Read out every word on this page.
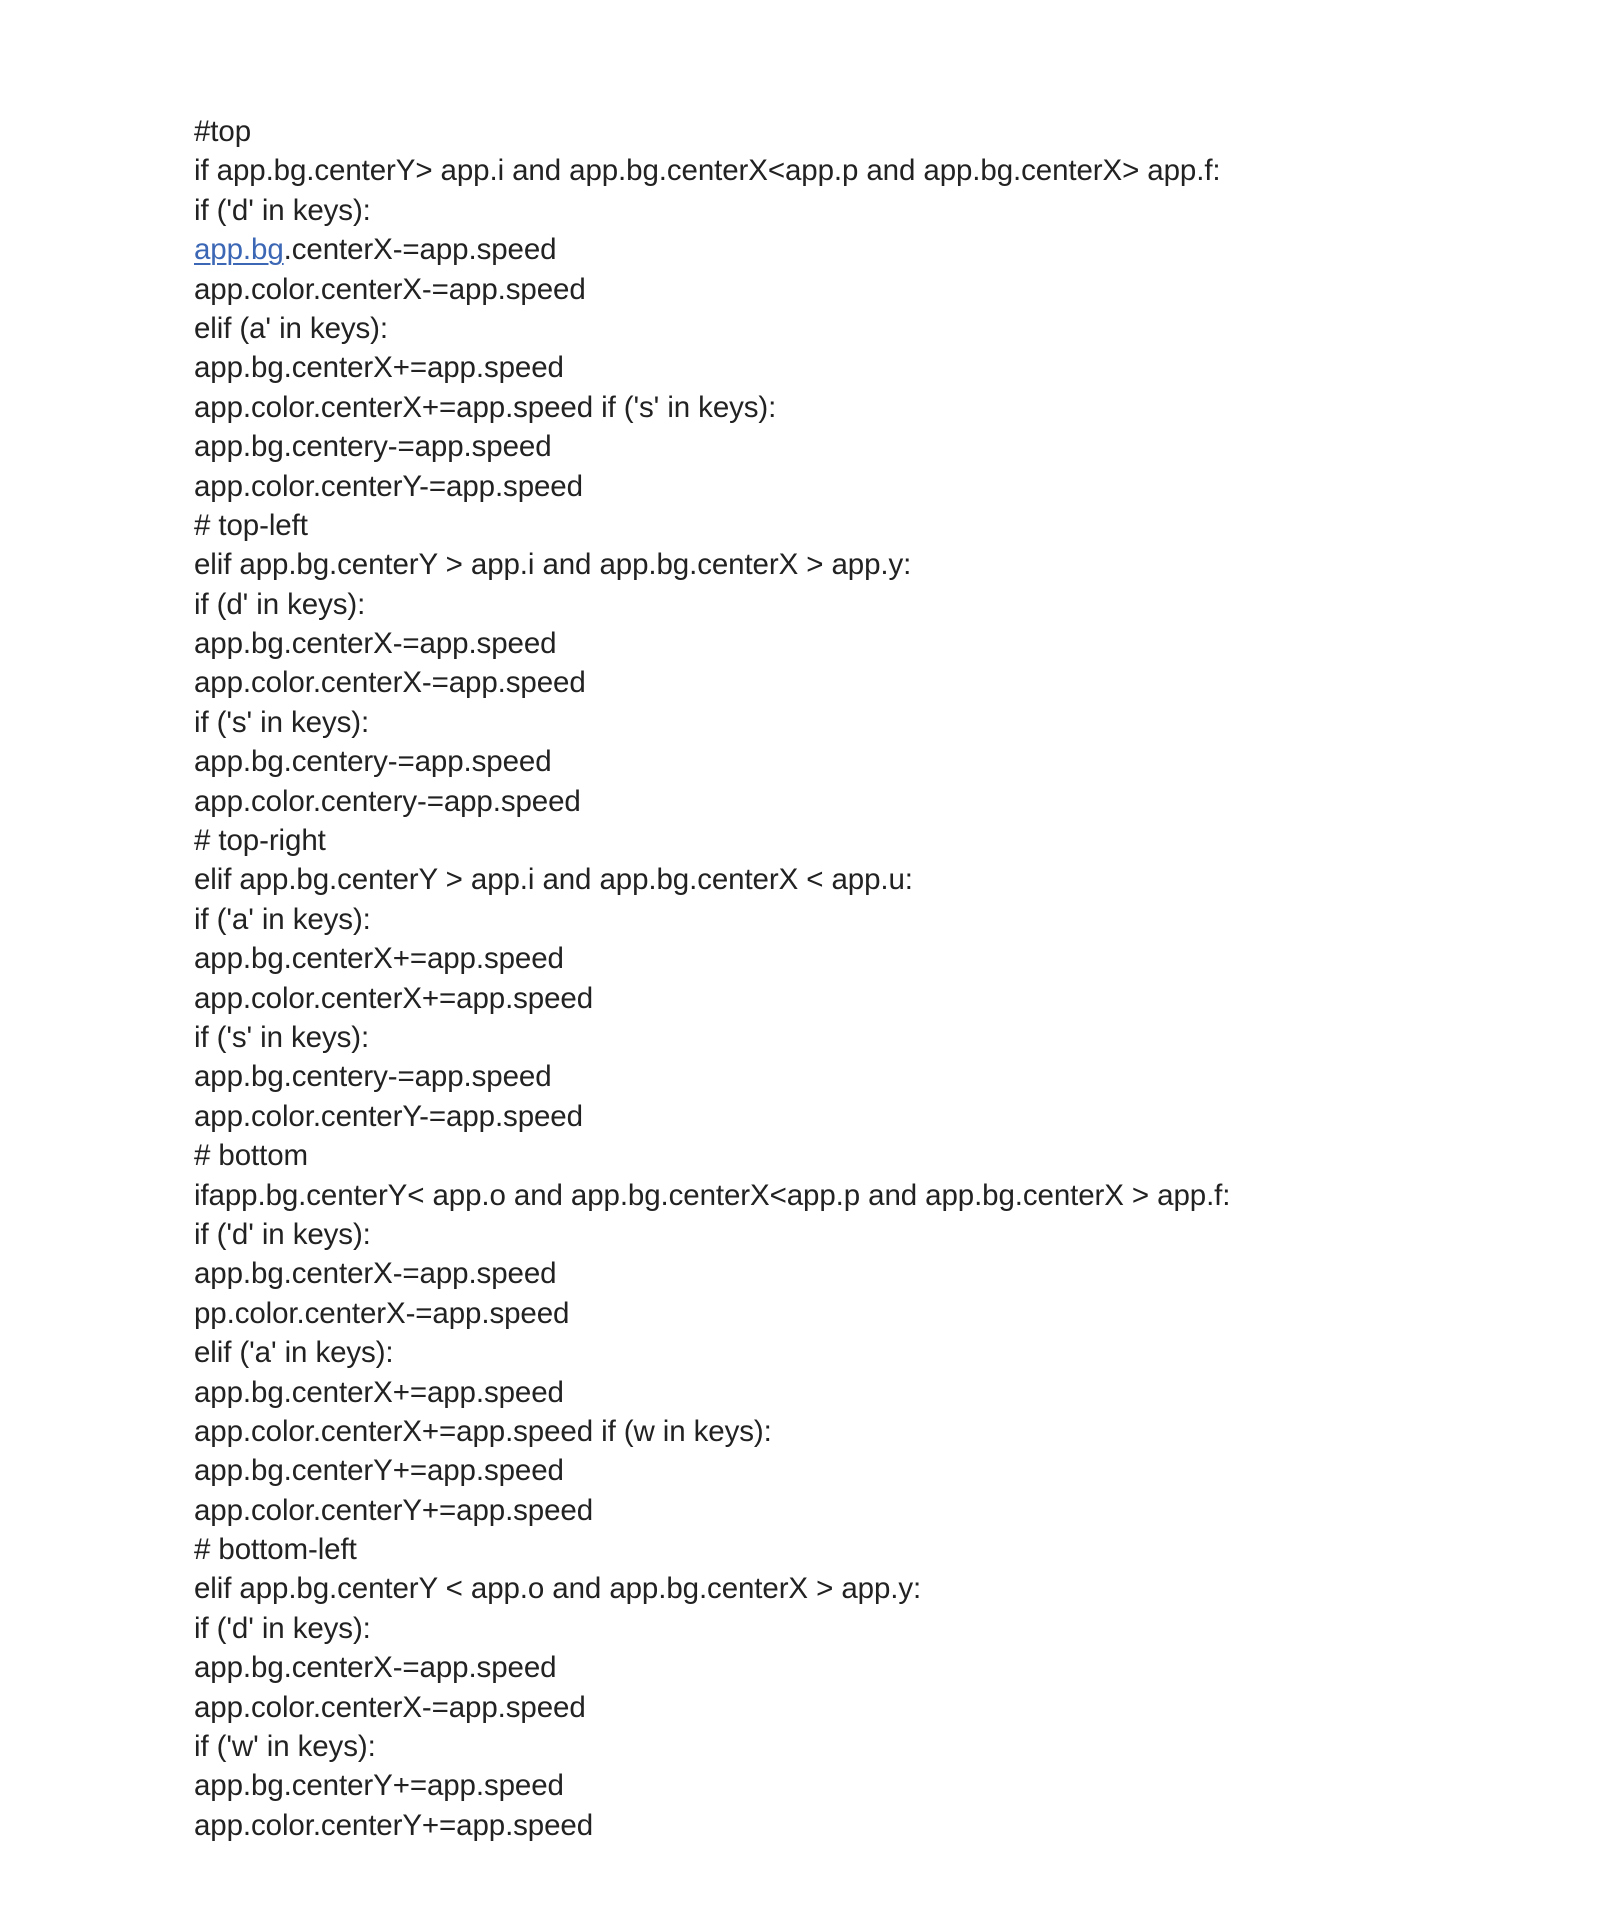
#top
if app.bg.centerY> app.i and app.bg.centerX<app.p and app.bg.centerX> app.f:
if ('d' in keys):
app.bg.centerX-=app.speed
app.color.centerX-=app.speed
elif (a' in keys):
app.bg.centerX+=app.speed
app.color.centerX+=app.speed if ('s' in keys):
app.bg.centery-=app.speed
app.color.centerY-=app.speed
# top-left
elif app.bg.centerY > app.i and app.bg.centerX > app.y:
if (d' in keys):
app.bg.centerX-=app.speed
app.color.centerX-=app.speed
if ('s' in keys):
app.bg.centery-=app.speed
app.color.centery-=app.speed
# top-right
elif app.bg.centerY > app.i and app.bg.centerX < app.u:
if ('a' in keys):
app.bg.centerX+=app.speed
app.color.centerX+=app.speed
if ('s' in keys):
app.bg.centery-=app.speed
app.color.centerY-=app.speed
# bottom
ifapp.bg.centerY< app.o and app.bg.centerX<app.p and app.bg.centerX > app.f:
if ('d' in keys):
app.bg.centerX-=app.speed
pp.color.centerX-=app.speed
elif ('a' in keys):
app.bg.centerX+=app.speed
app.color.centerX+=app.speed if (w in keys):
app.bg.centerY+=app.speed
app.color.centerY+=app.speed
# bottom-left
elif app.bg.centerY < app.o and app.bg.centerX > app.y:
if ('d' in keys):
app.bg.centerX-=app.speed
app.color.centerX-=app.speed
if ('w' in keys):
app.bg.centerY+=app.speed
app.color.centerY+=app.speed
